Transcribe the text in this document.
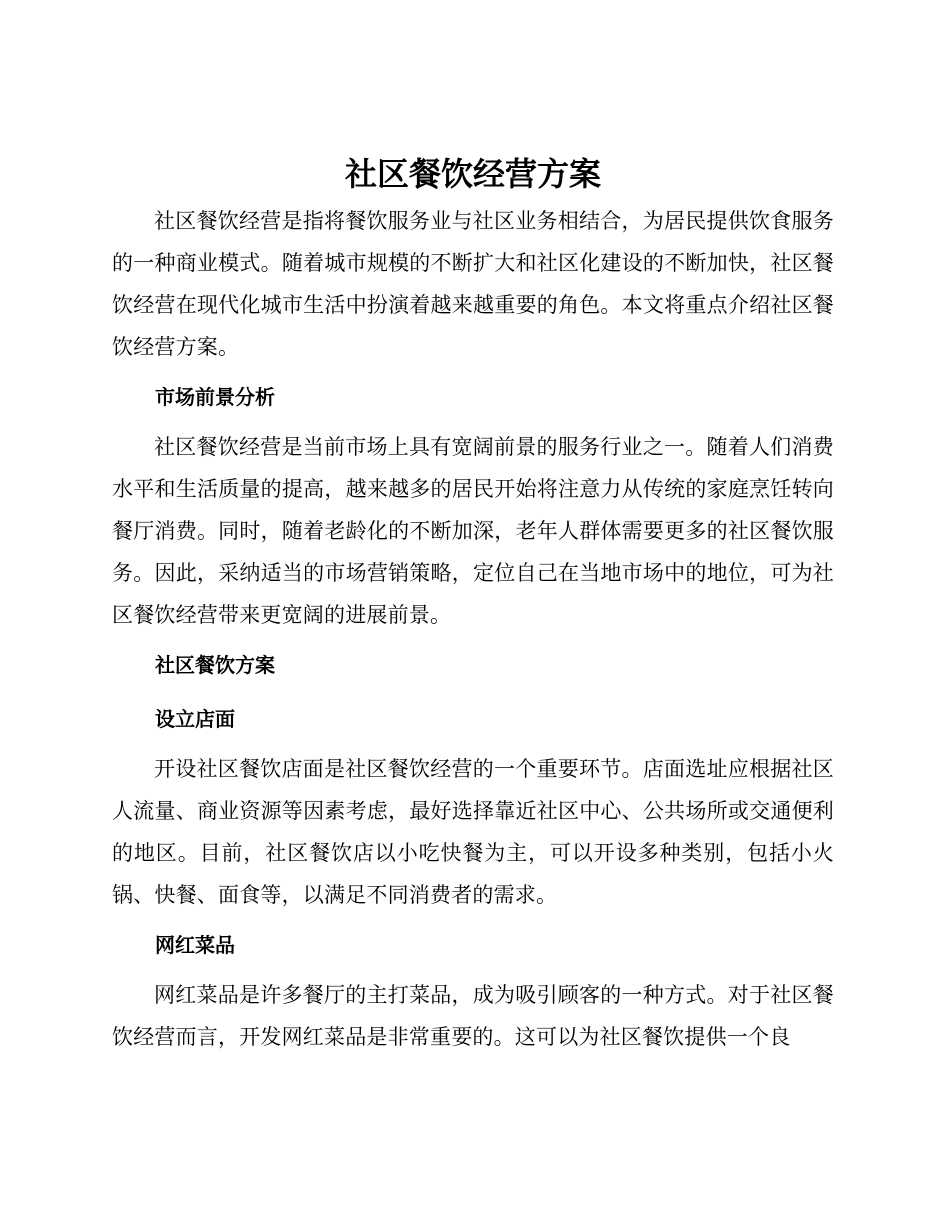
社区餐饮经营方案

社区餐饮经营是指将餐饮服务业与社区业务相结合，为居民提供饮食服务的一种商业模式。随着城市规模的不断扩大和社区化建设的不断加快，社区餐饮经营在现代化城市生活中扮演着越来越重要的角色。本文将重点介绍社区餐饮经营方案。

市场前景分析

社区餐饮经营是当前市场上具有宽阔前景的服务行业之一。随着人们消费水平和生活质量的提高，越来越多的居民开始将注意力从传统的家庭烹饪转向餐厅消费。同时，随着老龄化的不断加深，老年人群体需要更多的社区餐饮服务。因此，采纳适当的市场营销策略，定位自己在当地市场中的地位，可为社区餐饮经营带来更宽阔的进展前景。

社区餐饮方案
设立店面

开设社区餐饮店面是社区餐饮经营的一个重要环节。店面选址应根据社区人流量、商业资源等因素考虑，最好选择靠近社区中心、公共场所或交通便利的地区。目前，社区餐饮店以小吃快餐为主，可以开设多种类别，包括小火锅、快餐、面食等，以满足不同消费者的需求。

网红菜品

网红菜品是许多餐厅的主打菜品，成为吸引顾客的一种方式。对于社区餐饮经营而言，开发网红菜品是非常重要的。这可以为社区餐饮提供一个良
